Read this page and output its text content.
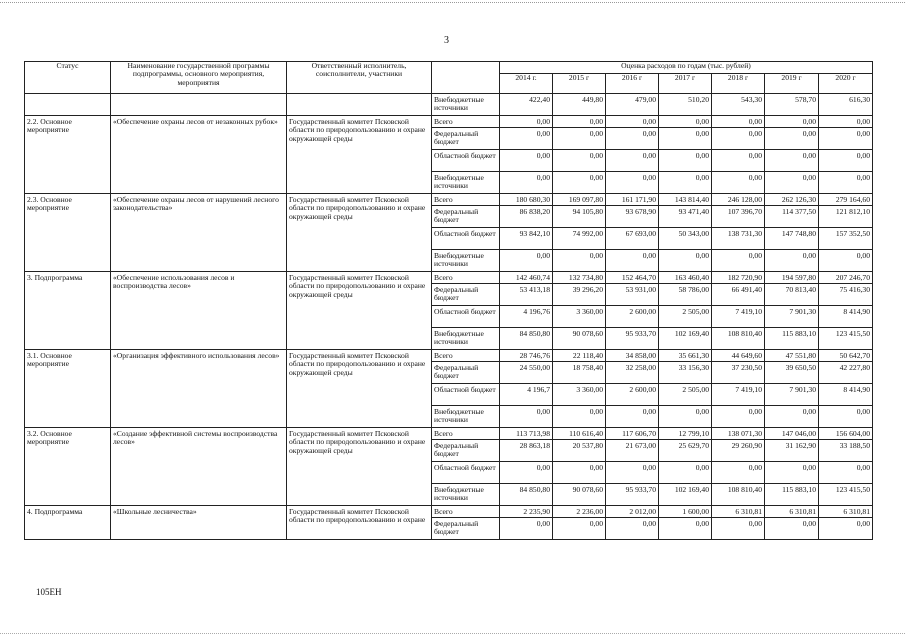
3
Статус	Наименование государственной программы подпрограммы, основного мероприятия, мероприятия	Ответственный исполнитель, соисполнители, участники		Оценка расходов по годам (тыс. рублей)						
				2014 г.	2015 г	2016 г	2017 г	2018 г	2019 г	2020 г
			Внебюджетные источники	422,40	449,80	479,00	510,20	543,30	578,70	616,30
2.2. Основное мероприятие	«Обеспечение охраны лесов от незаконных рубок»	Государственный комитет Псковской области по природопользованию и охране окружающей среды	Всего	0,00	0,00	0,00	0,00	0,00	0,00	0,00
			Федеральный бюджет	0,00	0,00	0,00	0,00	0,00	0,00	0,00
			Областной бюджет	0,00	0,00	0,00	0,00	0,00	0,00	0,00
			Внебюджетные источники	0,00	0,00	0,00	0,00	0,00	0,00	0,00
2.3. Основное мероприятие	«Обеспечение охраны лесов от нарушений лесного законодательства»	Государственный комитет Псковской области по природопользованию и охране окружающей среды	Всего	180 680,30	169 097,80	161 171,90	143 814,40	246 128,00	262 126,30	279 164,60
			Федеральный бюджет	86 838,20	94 105,80	93 678,90	93 471,40	107 396,70	114 377,50	121 812,10
			Областной бюджет	93 842,10	74 992,00	67 693,00	50 343,00	138 731,30	147 748,80	157 352,50
			Внебюджетные источники	0,00	0,00	0,00	0,00	0,00	0,00	0,00
3. Подпрограмма	«Обеспечение использования лесов и воспроизводства лесов»	Государственный комитет Псковской области по природопользованию и охране окружающей среды	Всего	142 460,74	132 734,80	152 464,70	163 460,40	182 720,90	194 597,80	207 246,70
			Федеральный бюджет	53 413,18	39 296,20	53 931,00	58 786,00	66 491,40	70 813,40	75 416,30
			Областной бюджет	4 196,76	3 360,00	2 600,00	2 505,00	7 419,10	7 901,30	8 414,90
			Внебюджетные источники	84 850,80	90 078,60	95 933,70	102 169,40	108 810,40	115 883,10	123 415,50
3.1. Основное мероприятие	«Организация эффективного использования лесов»	Государственный комитет Псковской области по природопользованию и охране окружающей среды	Всего	28 746,76	22 118,40	34 858,00	35 661,30	44 649,60	47 551,80	50 642,70
			Федеральный бюджет	24 550,00	18 758,40	32 258,00	33 156,30	37 230,50	39 650,50	42 227,80
			Областной бюджет	4 196,7	3 360,00	2 600,00	2 505,00	7 419,10	7 901,30	8 414,90
			Внебюджетные источники	0,00	0,00	0,00	0,00	0,00	0,00	0,00
3.2. Основное мероприятие	«Создание эффективной системы воспроизводства лесов»	Государственный комитет Псковской области по природопользованию и охране окружающей среды	Всего	113 713,98	110 616,40	117 606,70	12 799,10	138 071,30	147 046,00	156 604,00
			Федеральный бюджет	28 863,18	20 537,80	21 673,00	25 629,70	29 260,90	31 162,90	33 188,50
			Областной бюджет	0,00	0,00	0,00	0,00	0,00	0,00	0,00
			Внебюджетные источники	84 850,80	90 078,60	95 933,70	102 169,40	108 810,40	115 883,10	123 415,50
4. Подпрограмма	«Школьные лесничества»	Государственный комитет Псковской области по природопользованию и охране	Всего	2 235,90	2 236,00	2 012,00	1 600,00	6 310,81	6 310,81	6 310,81
			Федеральный бюджет	0,00	0,00	0,00	0,00	0,00	0,00	0,00
105EH
